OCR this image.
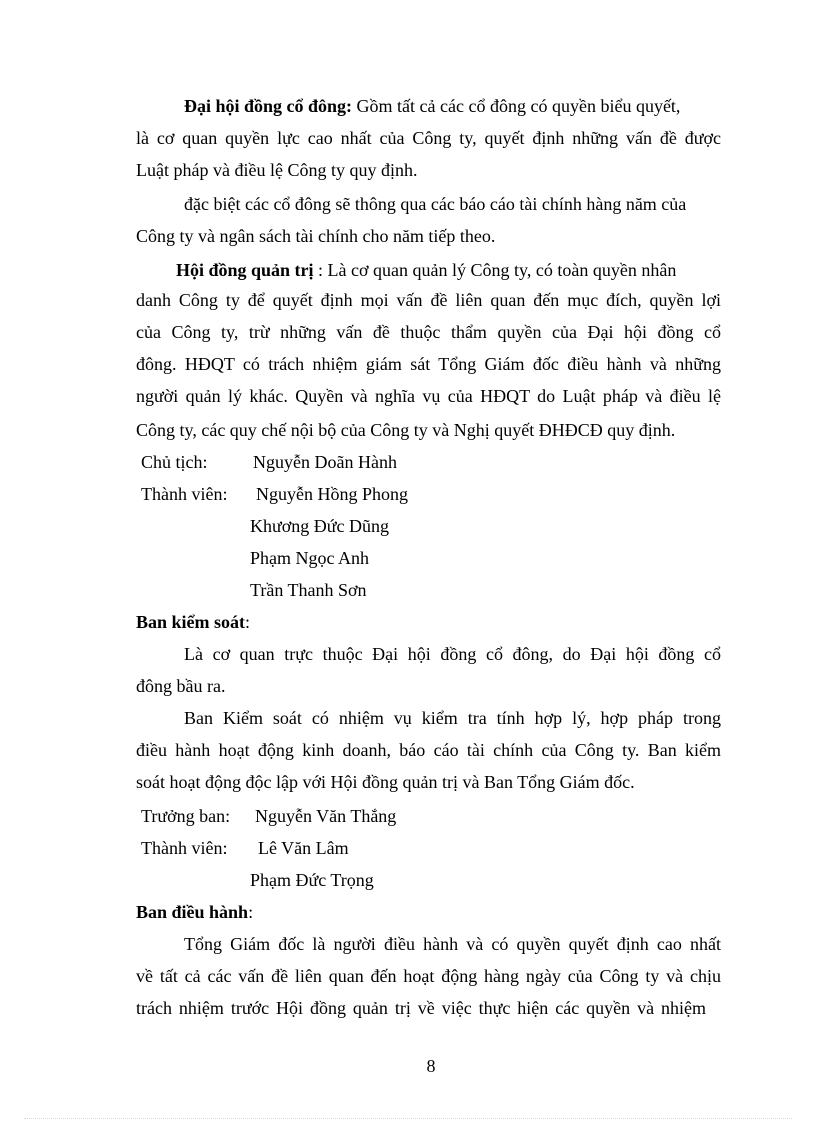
Đại hội đồng cổ đông: Gồm tất cả các cổ đông có quyền biểu quyết,
là cơ quan quyền lực cao nhất của Công ty, quyết định những vấn đề được
Luật pháp và điều lệ Công ty quy định.
đặc biệt các cổ đông sẽ thông qua các báo cáo tài chính hàng năm của
Công ty và ngân sách tài chính cho năm tiếp theo.
Hội đồng quản trị : Là cơ quan quản lý Công ty, có toàn quyền nhân
danh Công ty để quyết định mọi vấn đề liên quan đến mục đích, quyền lợi
của Công ty, trừ những vấn đề thuộc thẩm quyền của Đại hội đồng cổ
đông. HĐQT có trách nhiệm giám sát Tổng Giám đốc điều hành và những
người quản lý khác. Quyền và nghĩa vụ của HĐQT do Luật pháp và điều lệ
Công ty, các quy chế nội bộ của Công ty và Nghị quyết ĐHĐCĐ quy định.
Chủ tịch:	Nguyễn Doãn Hành
Thành viên: Nguyễn Hồng Phong
Khương Đức Dũng
Phạm Ngọc Anh
Trần Thanh Sơn
Ban kiểm soát:
Là cơ quan trực thuộc Đại hội đồng cổ đông, do Đại hội đồng cổ
đông bầu ra.
Ban Kiểm soát có nhiệm vụ kiểm tra tính hợp lý, hợp pháp trong
điều hành hoạt động kinh doanh, báo cáo tài chính của Công ty. Ban kiểm
soát hoạt động độc lập với Hội đồng quản trị và Ban Tổng Giám đốc.
Trưởng ban: Nguyễn Văn Thắng
Thành viên: Lê Văn Lâm
Phạm Đức Trọng
Ban điều hành:
Tổng Giám đốc là người điều hành và có quyền quyết định cao nhất
về tất cả các vấn đề liên quan đến hoạt động hàng ngày của Công ty và chịu
trách nhiệm trước Hội đồng quản trị về việc thực hiện các quyền và nhiệm
8
